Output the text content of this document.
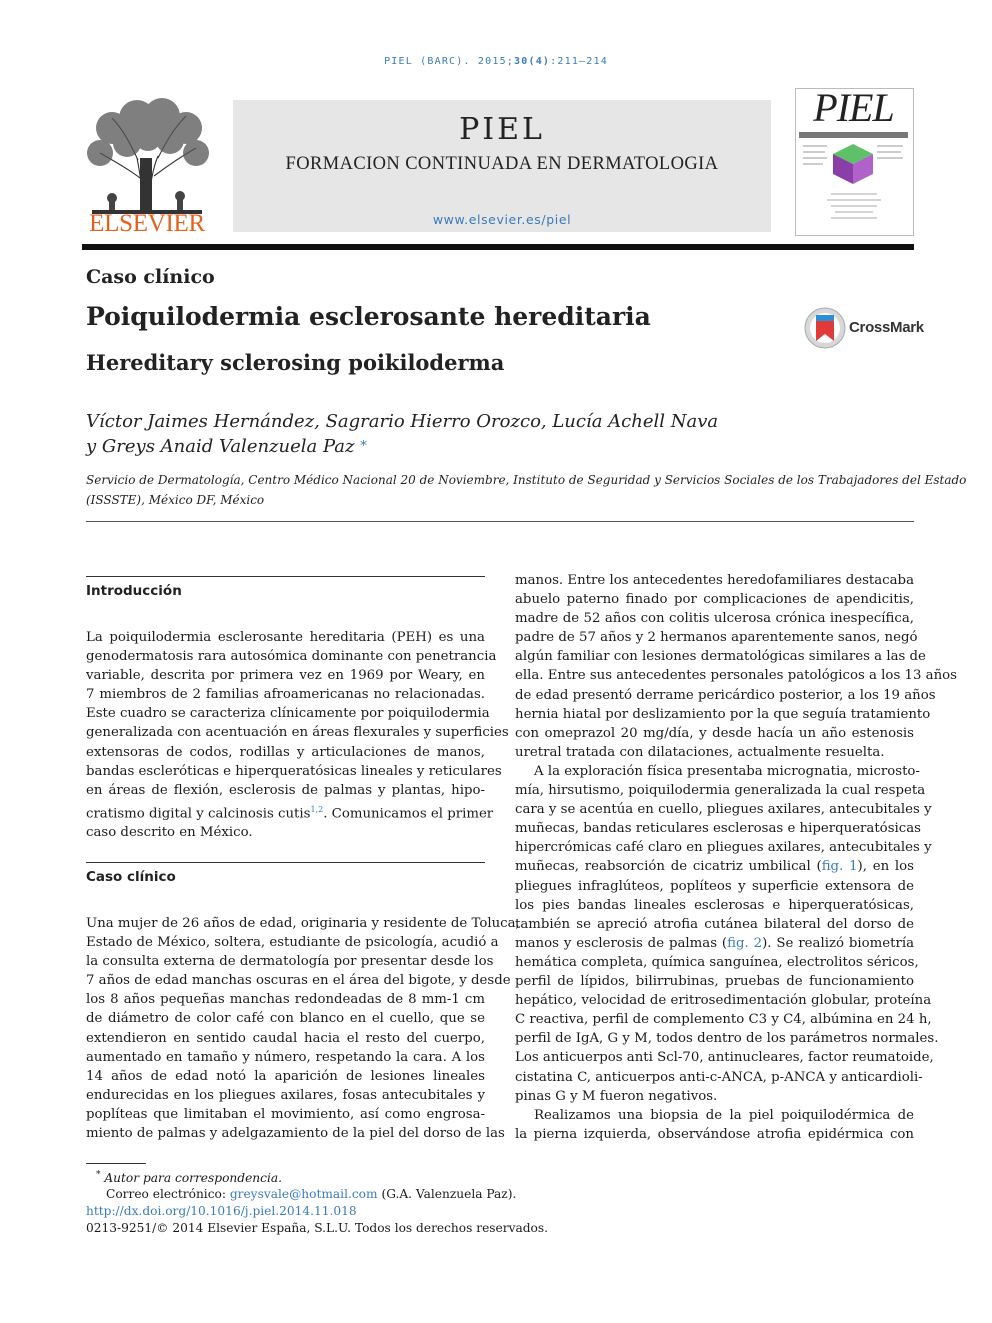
PIEL (BARC). 2015;30(4):211–214
ELSEVIER
PIEL
FORMACION CONTINUADA EN DERMATOLOGIA
www.elsevier.es/piel
PIEL
Caso clínico
Poiquilodermia esclerosante hereditaria
Hereditary sclerosing poikiloderma
CrossMark
Víctor Jaimes Hernández, Sagrario Hierro Orozco, Lucía Achell Nava
y Greys Anaid Valenzuela Paz *
Servicio de Dermatología, Centro Médico Nacional 20 de Noviembre, Instituto de Seguridad y Servicios Sociales de los Trabajadores del Estado
(ISSSTE), México DF, México
Introducción
La poiquilodermia esclerosante hereditaria (PEH) es una
genodermatosis rara autosómica dominante con penetrancia
variable, descrita por primera vez en 1969 por Weary, en
7 miembros de 2 familias afroamericanas no relacionadas.
Este cuadro se caracteriza clínicamente por poiquilodermia
generalizada con acentuación en áreas flexurales y superficies
extensoras de codos, rodillas y articulaciones de manos,
bandas escleróticas e hiperqueratósicas lineales y reticulares
en áreas de flexión, esclerosis de palmas y plantas, hipo-
cratismo digital y calcinosis cutis$^{1,2}$. Comunicamos el primer
caso descrito en México.
Caso clínico
Una mujer de 26 años de edad, originaria y residente de Toluca,
Estado de México, soltera, estudiante de psicología, acudió a
la consulta externa de dermatología por presentar desde los
7 años de edad manchas oscuras en el área del bigote, y desde
los 8 años pequeñas manchas redondeadas de 8 mm-1 cm
de diámetro de color café con blanco en el cuello, que se
extendieron en sentido caudal hacia el resto del cuerpo,
aumentado en tamaño y número, respetando la cara. A los
14 años de edad notó la aparición de lesiones lineales
endurecidas en los pliegues axilares, fosas antecubitales y
poplíteas que limitaban el movimiento, así como engrosa-
miento de palmas y adelgazamiento de la piel del dorso de las
manos. Entre los antecedentes heredofamiliares destacaba
abuelo paterno finado por complicaciones de apendicitis,
madre de 52 años con colitis ulcerosa crónica inespecífica,
padre de 57 años y 2 hermanos aparentemente sanos, negó
algún familiar con lesiones dermatológicas similares a las de
ella. Entre sus antecedentes personales patológicos a los 13 años
de edad presentó derrame pericárdico posterior, a los 19 años
hernia hiatal por deslizamiento por la que seguía tratamiento
con omeprazol 20 mg/día, y desde hacía un año estenosis
uretral tratada con dilataciones, actualmente resuelta.
A la exploración física presentaba micrognatia, microsto-
mía, hirsutismo, poiquilodermia generalizada la cual respeta
cara y se acentúa en cuello, pliegues axilares, antecubitales y
muñecas, bandas reticulares esclerosas e hiperqueratósicas
hipercrómicas café claro en pliegues axilares, antecubitales y
muñecas, reabsorción de cicatriz umbilical (fig. 1), en los
pliegues infraglúteos, poplíteos y superficie extensora de
los pies bandas lineales esclerosas e hiperqueratósicas,
también se apreció atrofia cutánea bilateral del dorso de
manos y esclerosis de palmas (fig. 2). Se realizó biometría
hemática completa, química sanguínea, electrolitos séricos,
perfil de lípidos, bilirrubinas, pruebas de funcionamiento
hepático, velocidad de eritrosedimentación globular, proteína
C reactiva, perfil de complemento C3 y C4, albúmina en 24 h,
perfil de IgA, G y M, todos dentro de los parámetros normales.
Los anticuerpos anti Scl-70, antinucleares, factor reumatoide,
cistatina C, anticuerpos anti-c-ANCA, p-ANCA y anticardioli-
pinas G y M fueron negativos.
Realizamos una biopsia de la piel poiquilodérmica de
la pierna izquierda, observándose atrofia epidérmica con
* Autor para correspondencia.
Correo electrónico: greysvale@hotmail.com (G.A. Valenzuela Paz).
http://dx.doi.org/10.1016/j.piel.2014.11.018
0213-9251/© 2014 Elsevier España, S.L.U. Todos los derechos reservados.
